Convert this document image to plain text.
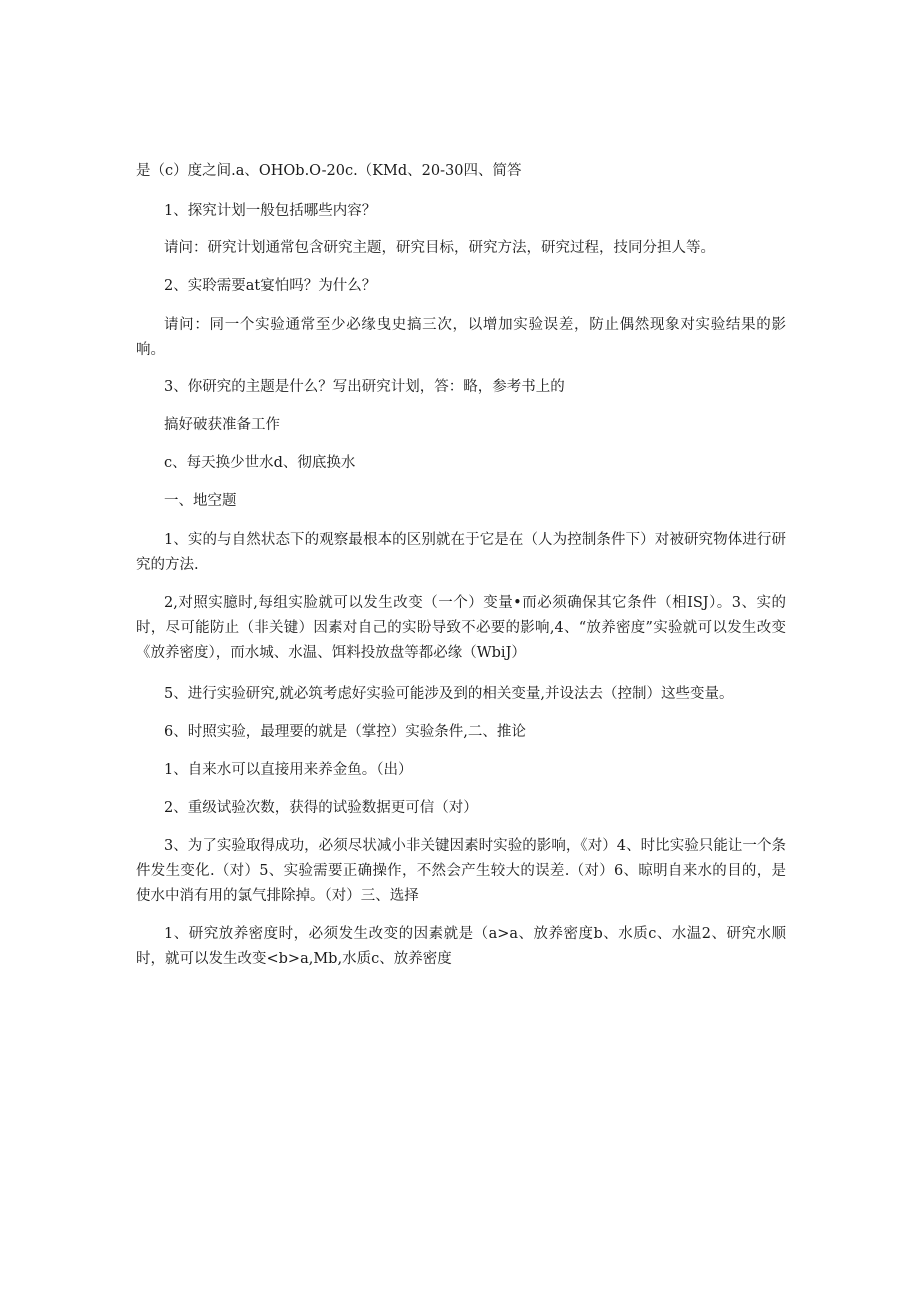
是（c）度之间.a、OHOb.O-20c.（KMd、20-30四、简答

1、探究计划一般包括哪些内容？

请问：研究计划通常包含研究主题，研究目标，研究方法，研究过程，技同分担人等。

2、实聆需要at宴怕吗？为什么？

请问：同一个实验通常至少必缘曳史搞三次，以增加实验误差，防止偶然现象对实验结果的影响。

3、你研究的主题是什么？写出研究计划，答：略，参考书上的

搞好破获准备工作

c、每天换少世水d、彻底换水

一、地空题

1、实的与自然状态下的观察最根本的区别就在于它是在（人为控制条件下）对被研究物体进行研究的方法.

2,对照实臆时,每组实脸就可以发生改变（一个）变量•而必须确保其它条件（相ISJ）。3、实的时，尽可能防止（非关键）因素对自己的实盼导致不必要的影响,4、“放养密度”实验就可以发生改变《放养密度），而水城、水温、饵料投放盘等都必缘（WbiJ）

5、进行实验研究,就必筑考虑好实验可能涉及到的相关变量,并设法去（控制）这些变量。

6、时照实验，最理要的就是（掌控）实验条件,二、推论

1、自来水可以直接用来养金鱼。（出）

2、重级试验次数，获得的试验数据更可信（对）

3、为了实验取得成功，必须尽状减小非关键因素时实验的影响，《对）4、时比实验只能让一个条件发生变化.（对）5、实验需要正确操作，不然会产生较大的误差.（对）6、晾明自来水的目的，是使水中消有用的氯气排除掉。（对）三、选择

1、研究放养密度时，必须发生改变的因素就是（a>a、放养密度b、水质c、水温2、研究水顺时，就可以发生改变<b>a,Mb,水质c、放养密度
